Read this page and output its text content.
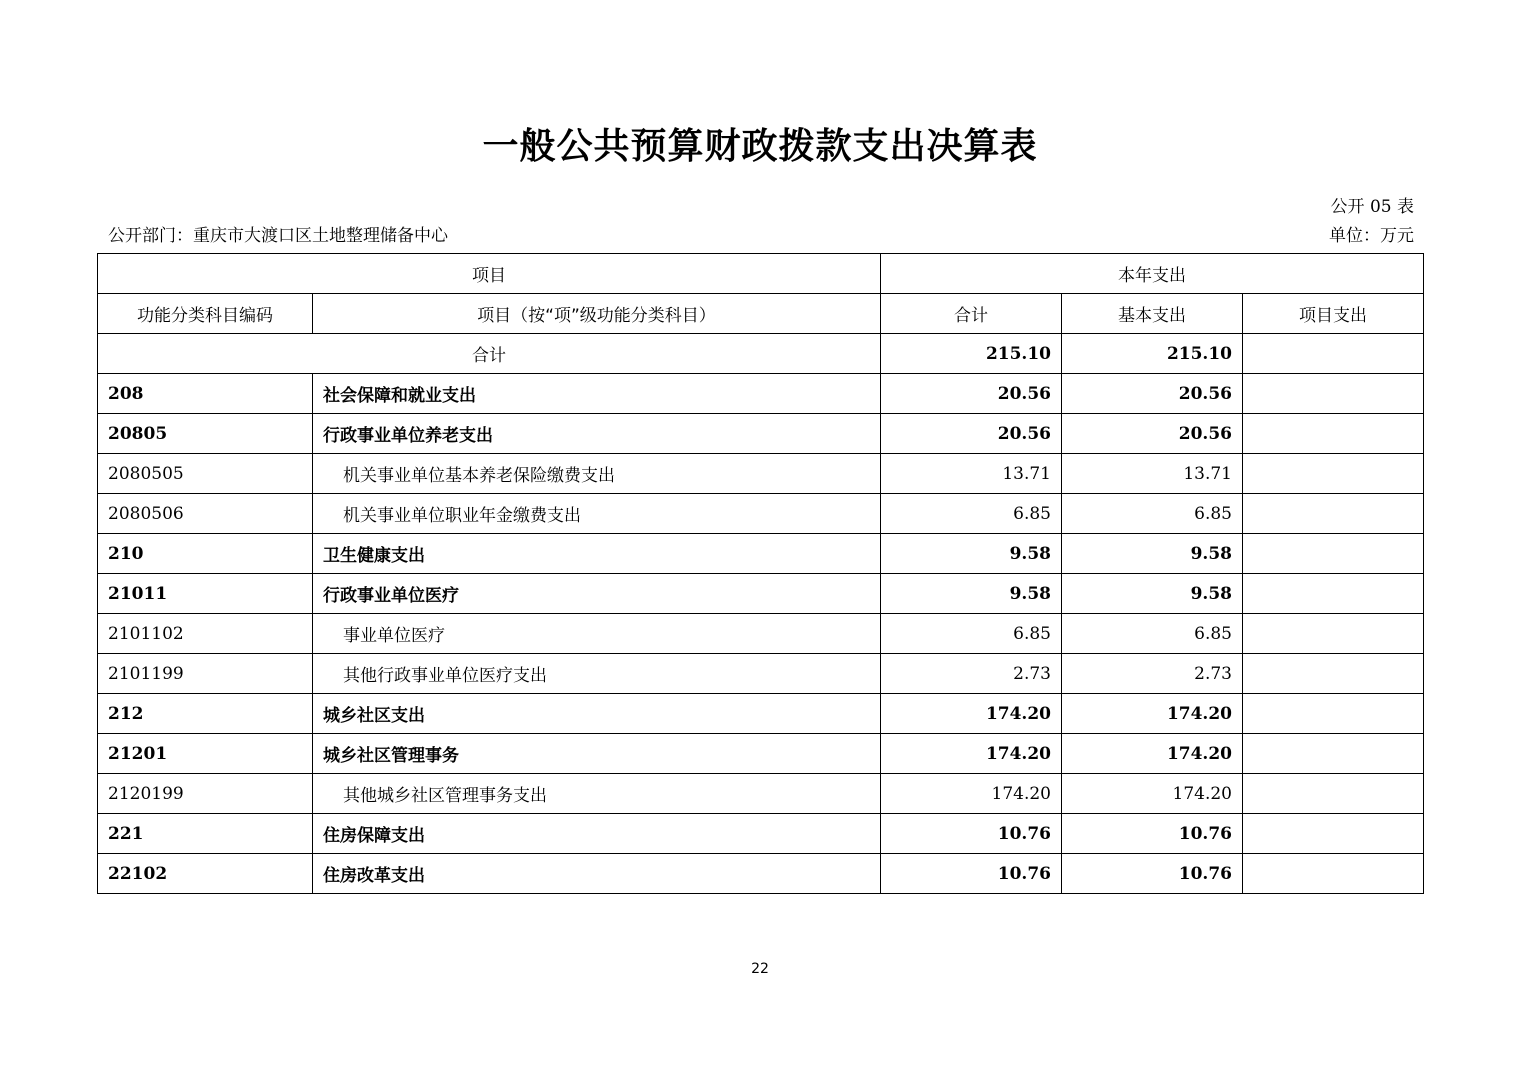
一般公共预算财政拨款支出决算表
公开 05 表
公开部门：重庆市大渡口区土地整理储备中心	单位：万元
项目		本年支出		
功能分类科目编码	项目（按“项”级功能分类科目）	合计	基本支出	项目支出
合计		215.10	215.10	
208	社会保障和就业支出	20.56	20.56	
20805	行政事业单位养老支出	20.56	20.56	
2080505	机关事业单位基本养老保险缴费支出	13.71	13.71	
2080506	机关事业单位职业年金缴费支出	6.85	6.85	
210	卫生健康支出	9.58	9.58	
21011	行政事业单位医疗	9.58	9.58	
2101102	事业单位医疗	6.85	6.85	
2101199	其他行政事业单位医疗支出	2.73	2.73	
212	城乡社区支出	174.20	174.20	
21201	城乡社区管理事务	174.20	174.20	
2120199	其他城乡社区管理事务支出	174.20	174.20	
221	住房保障支出	10.76	10.76	
22102	住房改革支出	10.76	10.76	
22
